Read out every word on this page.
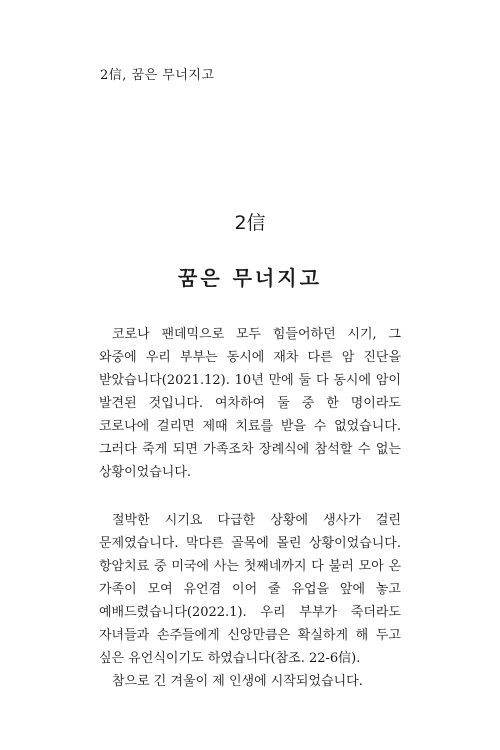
2信, 꿈은 무너지고
2信
꿈은 무너지고

코로나 팬데믹으로 모두 힘들어하던 시기, 그 와중에 우리 부부는 동시에 재차 다른 암 진단을 받았습니다(2021.12). 10년 만에 둘 다 동시에 암이 발견된 것입니다. 여차하여 둘 중 한 명이라도 코로나에 걸리면 제때 치료를 받을 수 없었습니다. 그러다 죽게 되면 가족조차 장례식에 참석할 수 없는 상황이었습니다.

절박한 시기요 다급한 상황에 생사가 걸린 문제였습니다. 막다른 골목에 몰린 상황이었습니다. 항암치료 중 미국에 사는 첫째네까지 다 불러 모아 온 가족이 모여 유언겸 이어 줄 유업을 앞에 놓고 예배드렸습니다(2022.1). 우리 부부가 죽더라도 자녀들과 손주들에게 신앙만큼은 확실하게 해 두고 싶은 유언식이기도 하였습니다(참조. 22-6信).

참으로 긴 겨울이 제 인생에 시작되었습니다.
